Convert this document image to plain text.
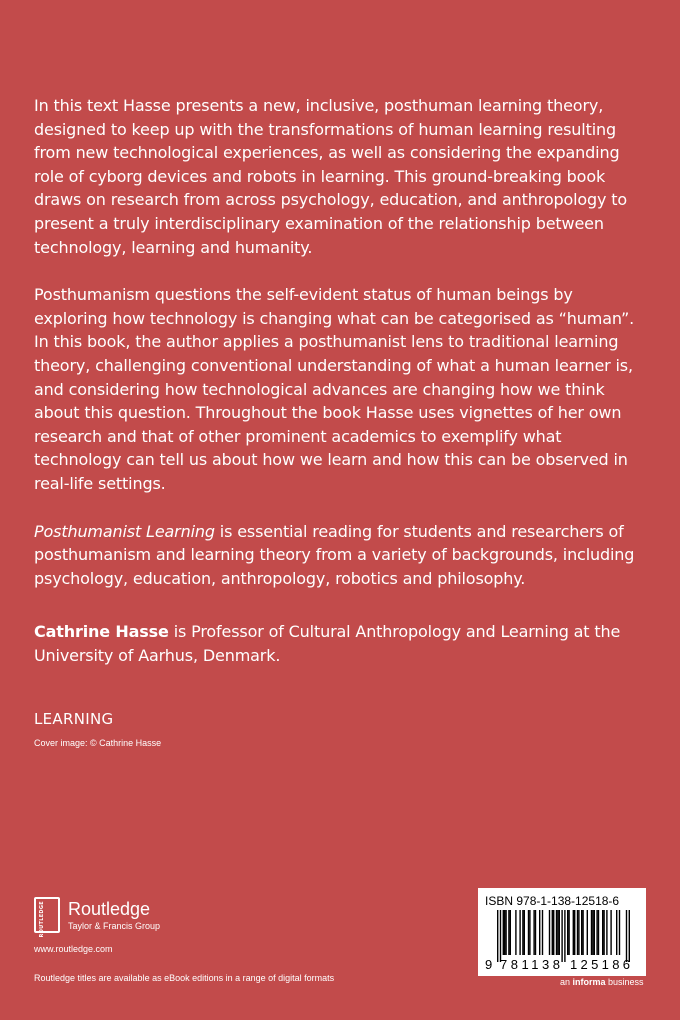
In this text Hasse presents a new, inclusive, posthuman learning theory, designed to keep up with the transformations of human learning resulting from new technological experiences, as well as considering the expanding role of cyborg devices and robots in learning. This ground-breaking book draws on research from across psychology, education, and anthropology to present a truly interdisciplinary examination of the relationship between technology, learning and humanity.

Posthumanism questions the self-evident status of human beings by exploring how technology is changing what can be categorised as “human”. In this book, the author applies a posthumanist lens to traditional learning theory, challenging conventional understanding of what a human learner is, and considering how technological advances are changing how we think about this question. Throughout the book Hasse uses vignettes of her own research and that of other prominent academics to exemplify what technology can tell us about how we learn and how this can be observed in real-life settings.

Posthumanist Learning is essential reading for students and researchers of posthumanism and learning theory from a variety of backgrounds, including psychology, education, anthropology, robotics and philosophy.

Cathrine Hasse is Professor of Cultural Anthropology and Learning at the University of Aarhus, Denmark.

LEARNING
Cover image: © Cathrine Hasse
ROUTLEDGE Routledge
Taylor & Francis Group
www.routledge.com
Routledge titles are available as eBook editions in a range of digital formats
ISBN 978-1-138-12518-6
9 781138 125186
an informa business
